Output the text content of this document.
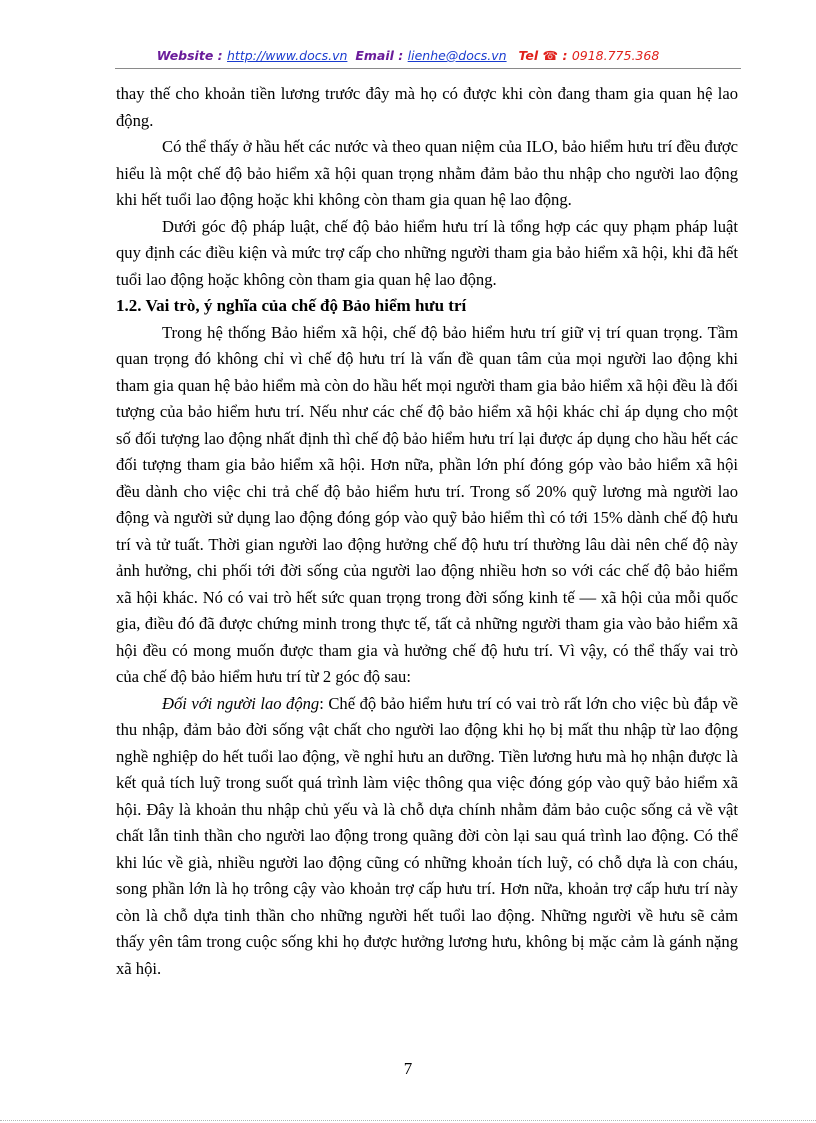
Website : http://www.docs.vn Email : lienhe@docs.vn Tel ☎ : 0918.775.368

thay thế cho khoản tiền lương trước đây mà họ có được khi còn đang tham gia quan hệ lao động.

Có thể thấy ở hầu hết các nước và theo quan niệm của ILO, bảo hiểm hưu trí đều được hiểu là một chế độ bảo hiểm xã hội quan trọng nhằm đảm bảo thu nhập cho người lao động khi hết tuổi lao động hoặc khi không còn tham gia quan hệ lao động.

Dưới góc độ pháp luật, chế độ bảo hiểm hưu trí là tổng hợp các quy phạm pháp luật quy định các điều kiện và mức trợ cấp cho những người tham gia bảo hiểm xã hội, khi đã hết tuổi lao động hoặc không còn tham gia quan hệ lao động.

1.2. Vai trò, ý nghĩa của chế độ Bảo hiểm hưu trí

Trong hệ thống Bảo hiểm xã hội, chế độ bảo hiểm hưu trí giữ vị trí quan trọng. Tầm quan trọng đó không chỉ vì chế độ hưu trí là vấn đề quan tâm của mọi người lao động khi tham gia quan hệ bảo hiểm mà còn do hầu hết mọi người tham gia bảo hiểm xã hội đều là đối tượng của bảo hiểm hưu trí. Nếu như các chế độ bảo hiểm xã hội khác chỉ áp dụng cho một số đối tượng lao động nhất định thì chế độ bảo hiểm hưu trí lại được áp dụng cho hầu hết các đối tượng tham gia bảo hiểm xã hội. Hơn nữa, phần lớn phí đóng góp vào bảo hiểm xã hội đều dành cho việc chi trả chế độ bảo hiểm hưu trí. Trong số 20% quỹ lương mà người lao động và người sử dụng lao động đóng góp vào quỹ bảo hiểm thì có tới 15% dành chế độ hưu trí và tử tuất. Thời gian người lao động hưởng chế độ hưu trí thường lâu dài nên chế độ này ảnh hưởng, chi phối tới đời sống của người lao động nhiều hơn so với các chế độ bảo hiểm xã hội khác. Nó có vai trò hết sức quan trọng trong đời sống kinh tế — xã hội của mỗi quốc gia, điều đó đã được chứng minh trong thực tế, tất cả những người tham gia vào bảo hiểm xã hội đều có mong muốn được tham gia và hưởng chế độ hưu trí. Vì vậy, có thể thấy vai trò của chế độ bảo hiểm hưu trí từ 2 góc độ sau:

Đối với người lao động: Chế độ bảo hiểm hưu trí có vai trò rất lớn cho việc bù đắp về thu nhập, đảm bảo đời sống vật chất cho người lao động khi họ bị mất thu nhập từ lao động nghề nghiệp do hết tuổi lao động, về nghỉ hưu an dưỡng. Tiền lương hưu mà họ nhận được là kết quả tích luỹ trong suốt quá trình làm việc thông qua việc đóng góp vào quỹ bảo hiểm xã hội. Đây là khoản thu nhập chủ yếu và là chỗ dựa chính nhằm đảm bảo cuộc sống cả về vật chất lẫn tinh thần cho người lao động trong quãng đời còn lại sau quá trình lao động. Có thể khi lúc về già, nhiều người lao động cũng có những khoản tích luỹ, có chỗ dựa là con cháu, song phần lớn là họ trông cậy vào khoản trợ cấp hưu trí. Hơn nữa, khoản trợ cấp hưu trí này còn là chỗ dựa tinh thần cho những người hết tuổi lao động. Những người về hưu sẽ cảm thấy yên tâm trong cuộc sống khi họ được hưởng lương hưu, không bị mặc cảm là gánh nặng xã hội.

7
